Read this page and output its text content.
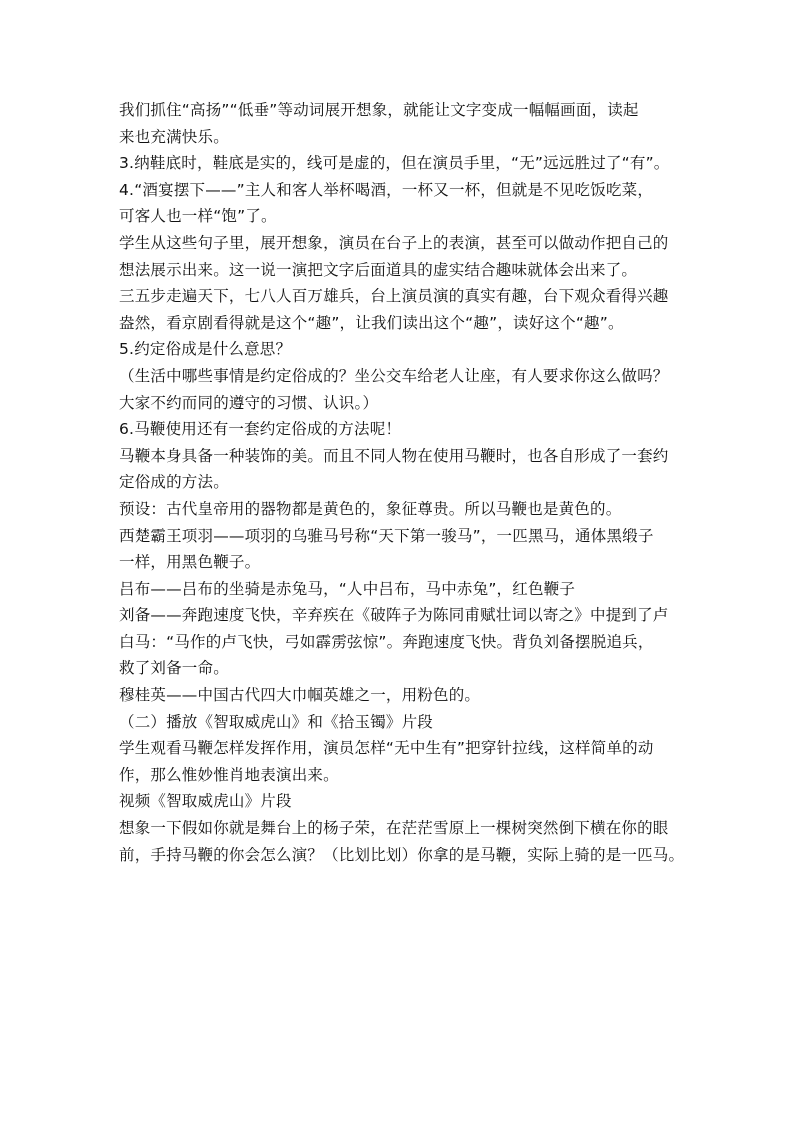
我们抓住“高扬”“低垂”等动词展开想象，就能让文字变成一幅幅画面，读起
来也充满快乐。
3.纳鞋底时，鞋底是实的，线可是虚的，但在演员手里，“无”远远胜过了“有”。
4.“酒宴摆下——”主人和客人举杯喝酒，一杯又一杯，但就是不见吃饭吃菜，
可客人也一样“饱”了。
学生从这些句子里，展开想象，演员在台子上的表演，甚至可以做动作把自己的
想法展示出来。这一说一演把文字后面道具的虚实结合趣味就体会出来了。
三五步走遍天下，七八人百万雄兵，台上演员演的真实有趣，台下观众看得兴趣
盎然，看京剧看得就是这个“趣”，让我们读出这个“趣”，读好这个“趣”。
5.约定俗成是什么意思？
（生活中哪些事情是约定俗成的？坐公交车给老人让座，有人要求你这么做吗？
大家不约而同的遵守的习惯、认识。）
6.马鞭使用还有一套约定俗成的方法呢！
马鞭本身具备一种装饰的美。而且不同人物在使用马鞭时，也各自形成了一套约
定俗成的方法。
预设：古代皇帝用的器物都是黄色的，象征尊贵。所以马鞭也是黄色的。
西楚霸王项羽——项羽的乌骓马号称“天下第一骏马”，一匹黑马，通体黑缎子
一样，用黑色鞭子。
吕布——吕布的坐骑是赤兔马，“人中吕布，马中赤兔”，红色鞭子
刘备——奔跑速度飞快，辛弃疾在《破阵子为陈同甫赋壮词以寄之》中提到了卢
白马：“马作的卢飞快，弓如霹雳弦惊”。奔跑速度飞快。背负刘备摆脱追兵，
救了刘备一命。
穆桂英——中国古代四大巾帼英雄之一，用粉色的。
（二）播放《智取威虎山》和《拾玉镯》片段
学生观看马鞭怎样发挥作用，演员怎样“无中生有”把穿针拉线，这样简单的动
作，那么惟妙惟肖地表演出来。
视频《智取威虎山》片段
想象一下假如你就是舞台上的杨子荣，在茫茫雪原上一棵树突然倒下横在你的眼
前，手持马鞭的你会怎么演？（比划比划）你拿的是马鞭，实际上骑的是一匹马。
